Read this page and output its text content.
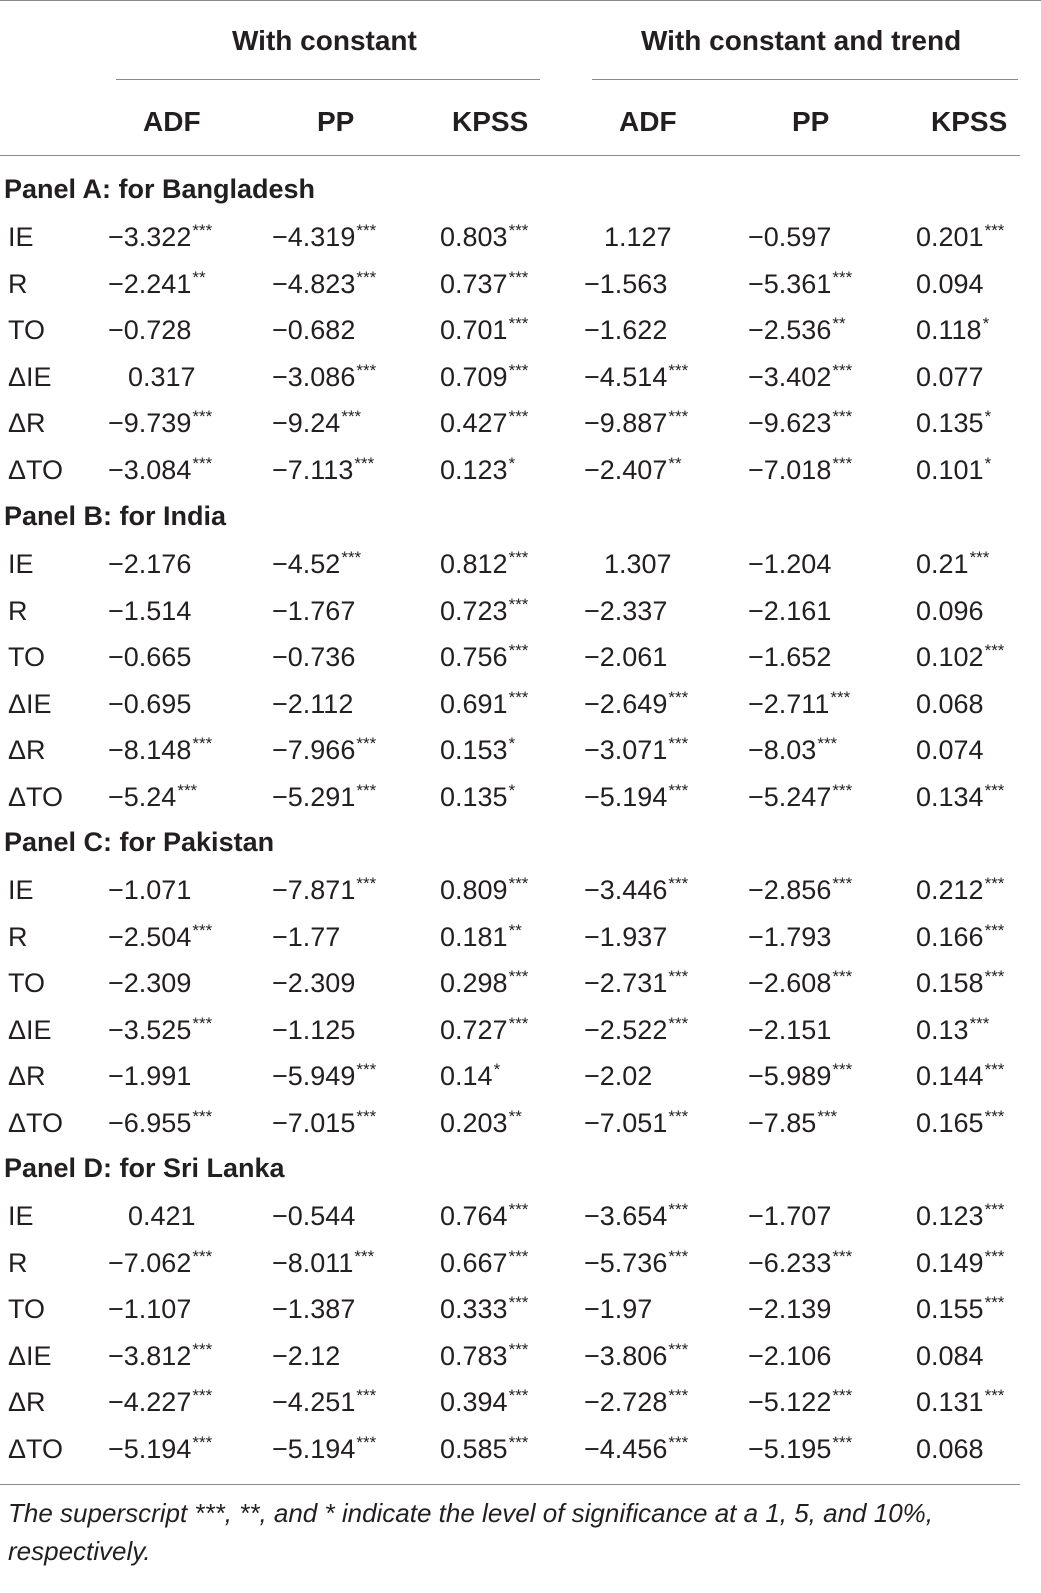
With constant	With constant and trend
ADF	PP	KPSS	ADF	PP	KPSS
Panel A: for Bangladesh
IE	−3.322*** −4.319*** 0.803***	1.127	−0.597	0.201***
R	−2.241** −4.823*** 0.737*** −1.563	−5.361*** 0.094
TO −0.728	−0.682	0.701*** −1.622	−2.536**	0.118*
ΔIE	0.317	−3.086*** 0.709*** −4.514*** −3.402*** 0.077
ΔR −9.739*** −9.24***	0.427*** −9.887*** −9.623*** 0.135*
ΔTO −3.084*** −7.113*** 0.123*	−2.407** −7.018*** 0.101*
Panel B: for India
IE	−2.176	−4.52***	0.812***	1.307	−1.204	0.21***
R	−1.514	−1.767	0.723*** −2.337	−2.161	0.096
TO −0.665	−0.736	0.756*** −2.061	−1.652	0.102***
ΔIE −0.695	−2.112	0.691*** −2.649*** −2.711*** 0.068
ΔR −8.148*** −7.966*** 0.153*	−3.071*** −8.03***	0.074
ΔTO −5.24***	−5.291*** 0.135*	−5.194*** −5.247*** 0.134***
Panel C: for Pakistan
IE	−1.071	−7.871*** 0.809*** −3.446*** −2.856*** 0.212***
R	−2.504*** −1.77	0.181** −1.937	−1.793	0.166***
TO −2.309	−2.309	0.298*** −2.731*** −2.608*** 0.158***
ΔIE −3.525*** −1.125	0.727*** −2.522*** −2.151	0.13***
ΔR −1.991	−5.949*** 0.14*	−2.02	−5.989*** 0.144***
ΔTO −6.955*** −7.015*** 0.203** −7.051*** −7.85***	0.165***
Panel D: for Sri Lanka
IE	0.421	−0.544	0.764*** −3.654*** −1.707	0.123***
R	−7.062*** −8.011*** 0.667*** −5.736*** −6.233*** 0.149***
TO −1.107	−1.387	0.333*** −1.97	−2.139	0.155***
ΔIE −3.812*** −2.12	0.783*** −3.806*** −2.106	0.084
ΔR −4.227*** −4.251*** 0.394*** −2.728*** −5.122*** 0.131***
ΔTO −5.194*** −5.194*** 0.585*** −4.456*** −5.195*** 0.068
The superscript ***, **, and * indicate the level of significance at a 1, 5, and 10%, respectively.
